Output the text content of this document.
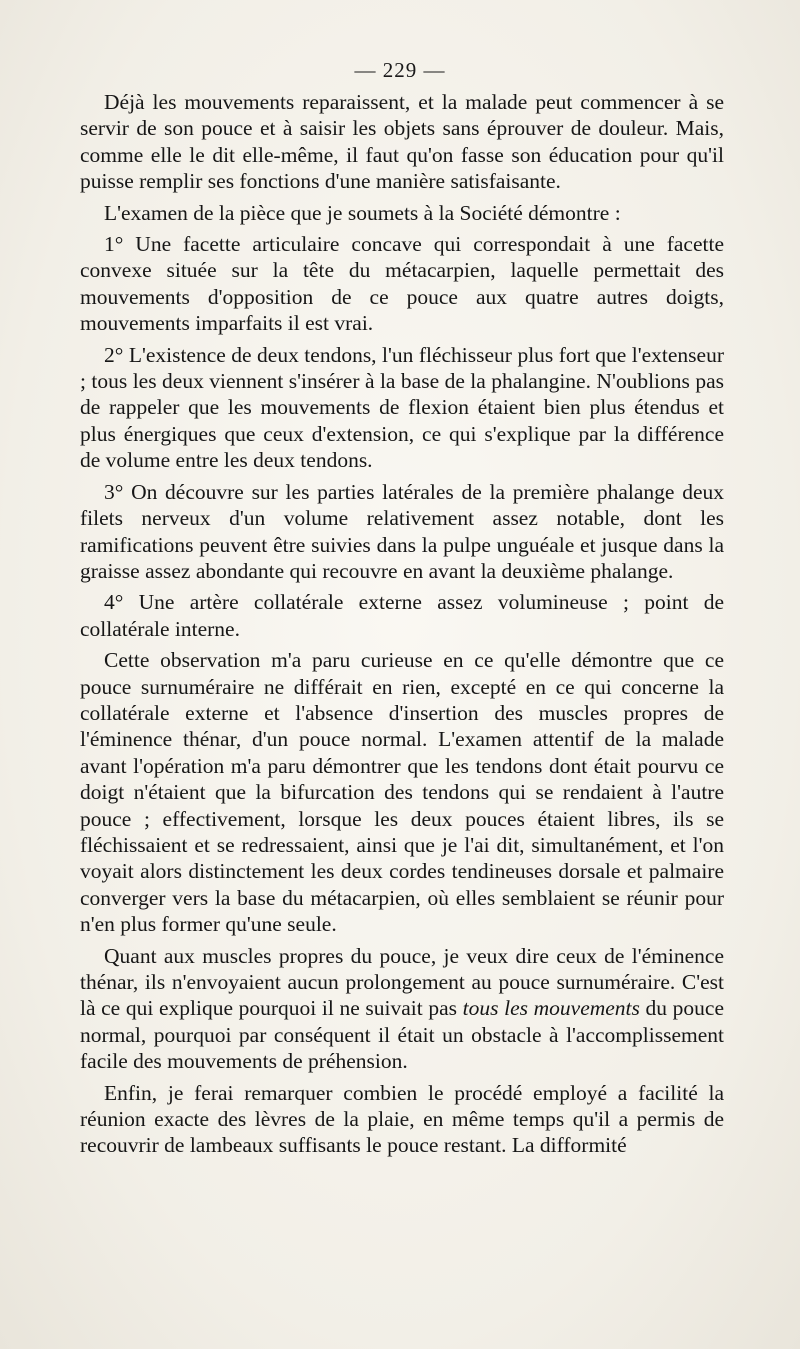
— 229 —

Déjà les mouvements reparaissent, et la malade peut commencer à se servir de son pouce et à saisir les objets sans éprouver de douleur. Mais, comme elle le dit elle-même, il faut qu'on fasse son éducation pour qu'il puisse remplir ses fonctions d'une manière satisfaisante.

L'examen de la pièce que je soumets à la Société démontre :

1° Une facette articulaire concave qui correspondait à une facette convexe située sur la tête du métacarpien, laquelle permettait des mouvements d'opposition de ce pouce aux quatre autres doigts, mouvements imparfaits il est vrai.

2° L'existence de deux tendons, l'un fléchisseur plus fort que l'extenseur ; tous les deux viennent s'insérer à la base de la phalangine. N'oublions pas de rappeler que les mouvements de flexion étaient bien plus étendus et plus énergiques que ceux d'extension, ce qui s'explique par la différence de volume entre les deux tendons.

3° On découvre sur les parties latérales de la première phalange deux filets nerveux d'un volume relativement assez notable, dont les ramifications peuvent être suivies dans la pulpe unguéale et jusque dans la graisse assez abondante qui recouvre en avant la deuxième phalange.

4° Une artère collatérale externe assez volumineuse ; point de collatérale interne.

Cette observation m'a paru curieuse en ce qu'elle démontre que ce pouce surnuméraire ne différait en rien, excepté en ce qui concerne la collatérale externe et l'absence d'insertion des muscles propres de l'éminence thénar, d'un pouce normal. L'examen attentif de la malade avant l'opération m'a paru démontrer que les tendons dont était pourvu ce doigt n'étaient que la bifurcation des tendons qui se rendaient à l'autre pouce ; effectivement, lorsque les deux pouces étaient libres, ils se fléchissaient et se redressaient, ainsi que je l'ai dit, simultanément, et l'on voyait alors distinctement les deux cordes tendineuses dorsale et palmaire converger vers la base du métacarpien, où elles semblaient se réunir pour n'en plus former qu'une seule.

Quant aux muscles propres du pouce, je veux dire ceux de l'éminence thénar, ils n'envoyaient aucun prolongement au pouce surnuméraire. C'est là ce qui explique pourquoi il ne suivait pas tous les mouvements du pouce normal, pourquoi par conséquent il était un obstacle à l'accomplissement facile des mouvements de préhension.

Enfin, je ferai remarquer combien le procédé employé a facilité la réunion exacte des lèvres de la plaie, en même temps qu'il a permis de recouvrir de lambeaux suffisants le pouce restant. La difformité
